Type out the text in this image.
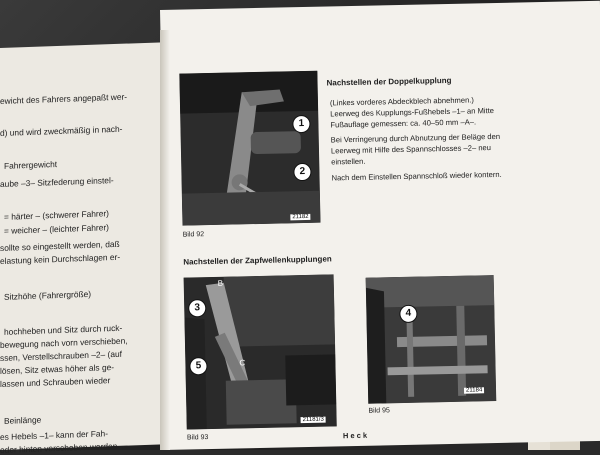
ewicht des Fahrers angepaßt wer-
d) und wird zweckmäßig in nach-
Fahrergewicht
aube –3– Sitzfederung einstel-
= härter – (schwerer Fahrer)
= weicher – (leichter Fahrer)
sollte so eingestellt werden, daß
elastung kein Durchschlagen er-
Sitzhöhe (Fahrergröße)
hochheben und Sitz durch ruck-
bewegung nach vorn verschieben,
ssen, Verstellschrauben –2– (auf
lösen, Sitz etwas höher als ge-
lassen und Schrauben wieder
Beinlänge
es Hebels –1– kann der Fah-
oder hinten verschoben werden.
21182
1
2
Bild 92
Nachstellen der Doppelkupplung
(Linkes vorderes Abdeckblech abnehmen.)
Leerweg des Kupplungs-Fußhebels –1– an Mitte
Fußauflage gemessen: ca. 40–50 mm –A–.
Bei Verringerung durch Abnutzung der Beläge den
Leerweg mit Hilfe des Spannschlosses –2– neu
einstellen.
Nach dem Einstellen Spannschloß wieder kontern.
Nachstellen der Zapfwellenkupplungen
21181/3
B
C
3
5
Bild 93
21184
4
Bild 95
H e c k
